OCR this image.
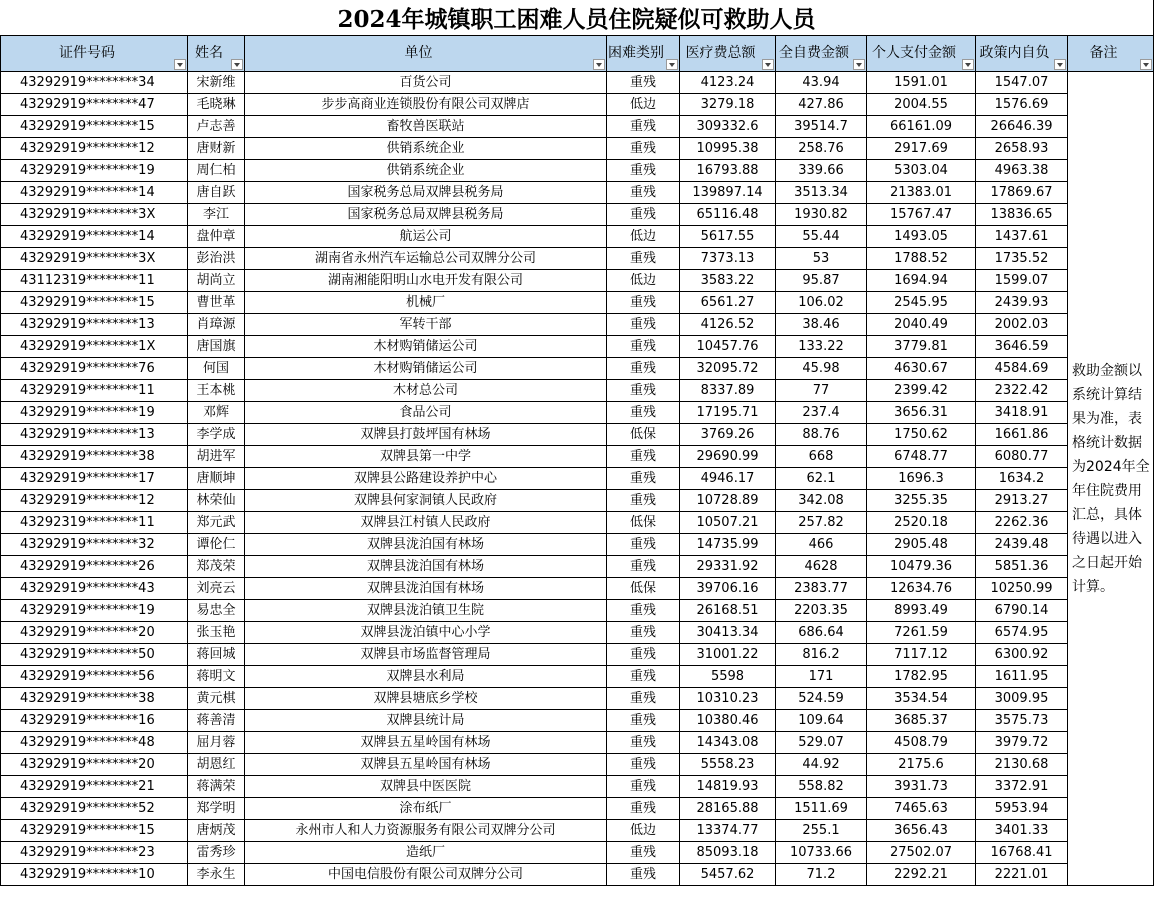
2024年城镇职工困难人员住院疑似可救助人员
证件号码	姓名	单位	困难类别	医疗费总额	全自费金额	个人支付金额	政策内自负	备注

43292919********34	宋新维	百货公司	重残	4123.24	43.94	1591.01	1547.07	救助金额以系统计算结果为准，表格统计数据为2024年全年住院费用汇总，具体待遇以进入之日起开始计算。
43292919********47	毛晓琳	步步高商业连锁股份有限公司双牌店	低边	3279.18	427.86	2004.55	1576.69	
43292919********15	卢志善	畜牧兽医联站	重残	309332.6	39514.7	66161.09	26646.39	
43292919********12	唐财新	供销系统企业	重残	10995.38	258.76	2917.69	2658.93	
43292919********19	周仁柏	供销系统企业	重残	16793.88	339.66	5303.04	4963.38	
43292919********14	唐自跃	国家税务总局双牌县税务局	重残	139897.14	3513.34	21383.01	17869.67	
43292919********3X	李江	国家税务总局双牌县税务局	重残	65116.48	1930.82	15767.47	13836.65	
43292919********14	盘仲章	航运公司	低边	5617.55	55.44	1493.05	1437.61	
43292919********3X	彭治洪	湖南省永州汽车运输总公司双牌分公司	重残	7373.13	53	1788.52	1735.52	
43112319********11	胡尚立	湖南湘能阳明山水电开发有限公司	低边	3583.22	95.87	1694.94	1599.07	
43292919********15	曹世革	机械厂	重残	6561.27	106.02	2545.95	2439.93	
43292919********13	肖璋源	军转干部	重残	4126.52	38.46	2040.49	2002.03	
43292919********1X	唐国旗	木材购销储运公司	重残	10457.76	133.22	3779.81	3646.59	
43292919********76	何国	木材购销储运公司	重残	32095.72	45.98	4630.67	4584.69	
43292919********11	王本桃	木材总公司	重残	8337.89	77	2399.42	2322.42	
43292919********19	邓辉	食品公司	重残	17195.71	237.4	3656.31	3418.91	
43292919********13	李学成	双牌县打鼓坪国有林场	低保	3769.26	88.76	1750.62	1661.86	
43292919********38	胡进军	双牌县第一中学	重残	29690.99	668	6748.77	6080.77	
43292919********17	唐顺坤	双牌县公路建设养护中心	重残	4946.17	62.1	1696.3	1634.2	
43292919********12	林荣仙	双牌县何家洞镇人民政府	重残	10728.89	342.08	3255.35	2913.27	
43292319********11	郑元武	双牌县江村镇人民政府	低保	10507.21	257.82	2520.18	2262.36	
43292919********32	谭伦仁	双牌县泷泊国有林场	重残	14735.99	466	2905.48	2439.48	
43292919********26	郑茂荣	双牌县泷泊国有林场	重残	29331.92	4628	10479.36	5851.36	
43292919********43	刘亮云	双牌县泷泊国有林场	低保	39706.16	2383.77	12634.76	10250.99	
43292919********19	易忠全	双牌县泷泊镇卫生院	重残	26168.51	2203.35	8993.49	6790.14	
43292919********20	张玉艳	双牌县泷泊镇中心小学	重残	30413.34	686.64	7261.59	6574.95	
43292919********50	蒋回城	双牌县市场监督管理局	重残	31001.22	816.2	7117.12	6300.92	
43292919********56	蒋明文	双牌县水利局	重残	5598	171	1782.95	1611.95	
43292919********38	黄元棋	双牌县塘底乡学校	重残	10310.23	524.59	3534.54	3009.95	
43292919********16	蒋善清	双牌县统计局	重残	10380.46	109.64	3685.37	3575.73	
43292919********48	屈月蓉	双牌县五星岭国有林场	重残	14343.08	529.07	4508.79	3979.72	
43292919********20	胡恩红	双牌县五星岭国有林场	重残	5558.23	44.92	2175.6	2130.68	
43292919********21	蒋满荣	双牌县中医医院	重残	14819.93	558.82	3931.73	3372.91	
43292919********52	郑学明	涂布纸厂	重残	28165.88	1511.69	7465.63	5953.94	
43292919********15	唐炳茂	永州市人和人力资源服务有限公司双牌分公司	低边	13374.77	255.1	3656.43	3401.33	
43292919********23	雷秀珍	造纸厂	重残	85093.18	10733.66	27502.07	16768.41	
43292919********10	李永生	中国电信股份有限公司双牌分公司	重残	5457.62	71.2	2292.21	2221.01	
